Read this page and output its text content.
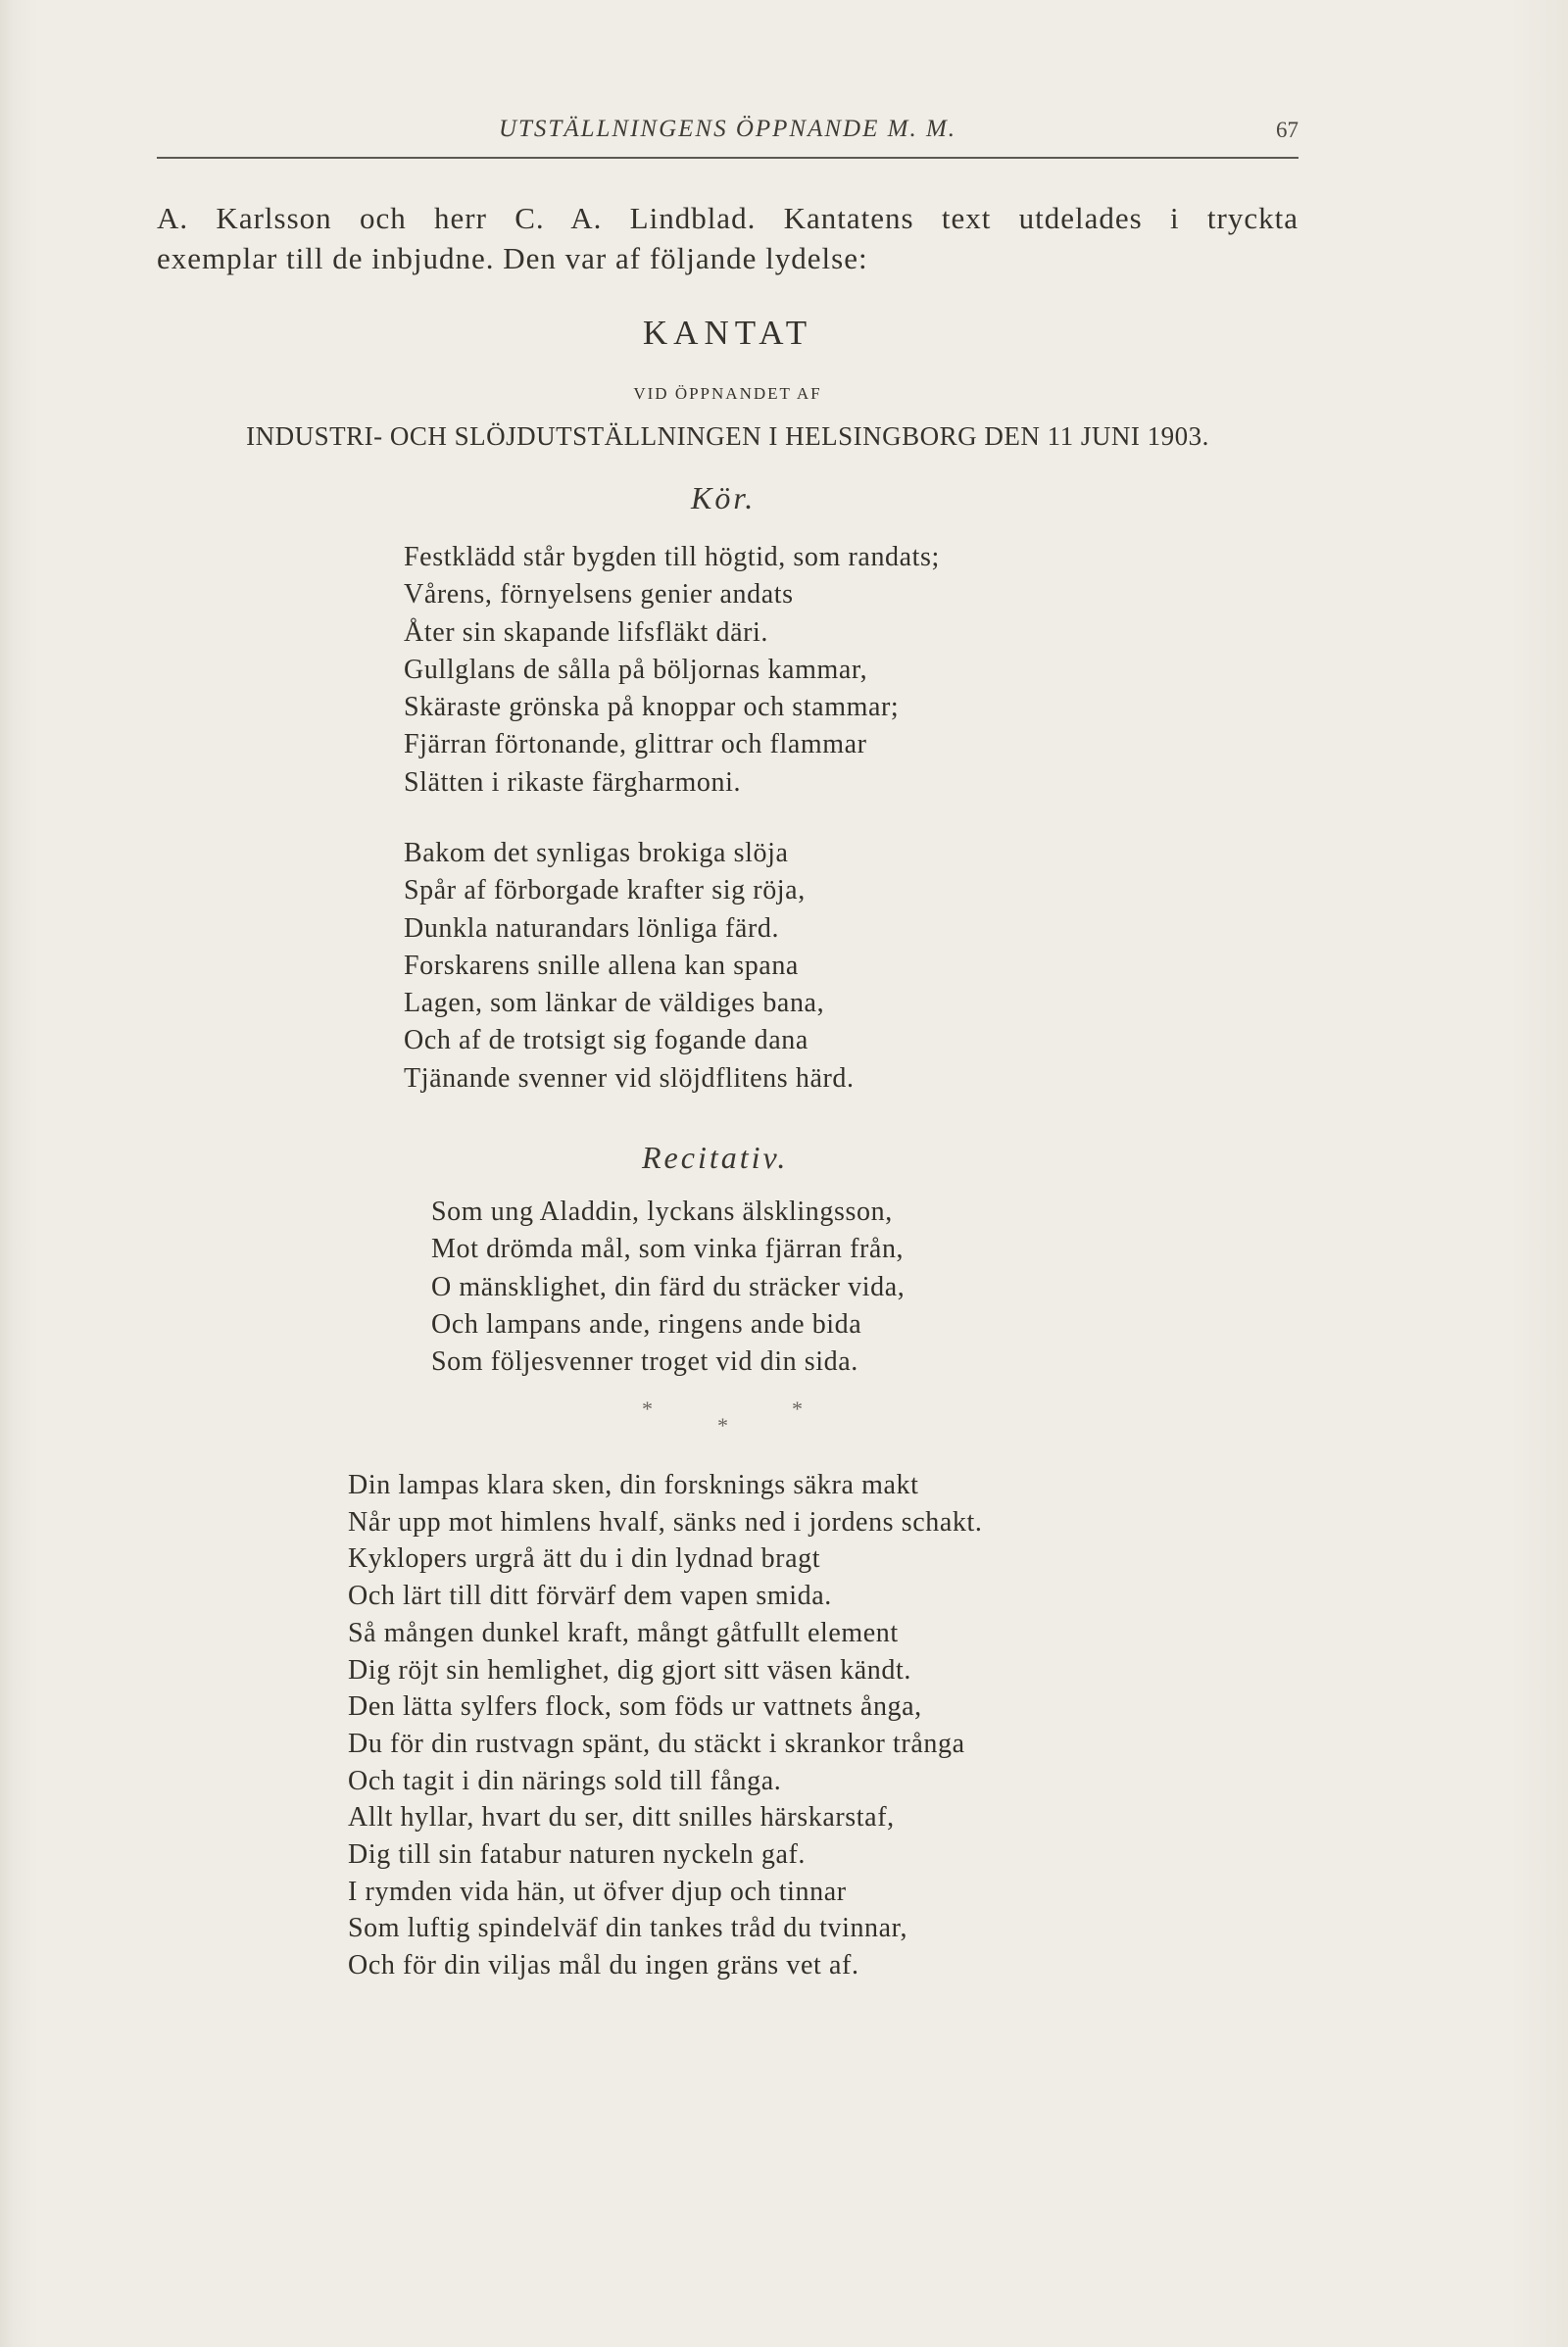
UTSTÄLLNINGENS ÖPPNANDE M. M.	67
A. Karlsson och herr C. A. Lindblad. Kantatens text utdelades i tryckta
exemplar till de inbjudne. Den var af följande lydelse:
KANTAT
VID ÖPPNANDET AF
INDUSTRI- OCH SLÖJDUTSTÄLLNINGEN I HELSINGBORG DEN 11 JUNI 1903.
Kör.
Festklädd står bygden till högtid, som randats;
Vårens, förnyelsens genier andats
Åter sin skapande lifsfläkt däri.
Gullglans de sålla på böljornas kammar,
Skäraste grönska på knoppar och stammar;
Fjärran förtonande, glittrar och flammar
Slätten i rikaste färgharmoni.
Bakom det synligas brokiga slöja
Spår af förborgade krafter sig röja,
Dunkla naturandars lönliga färd.
Forskarens snille allena kan spana
Lagen, som länkar de väldiges bana,
Och af de trotsigt sig fogande dana
Tjänande svenner vid slöjdflitens härd.
Recitativ.
Som ung Aladdin, lyckans älsklingsson,
Mot drömda mål, som vinka fjärran från,
O mänsklighet, din färd du sträcker vida,
Och lampans ande, ringens ande bida
Som följesvenner troget vid din sida.
*	*
*
Din lampas klara sken, din forsknings säkra makt
Når upp mot himlens hvalf, sänks ned i jordens schakt.
Kyklopers urgrå ätt du i din lydnad bragt
Och lärt till ditt förvärf dem vapen smida.
Så mången dunkel kraft, mångt gåtfullt element
Dig röjt sin hemlighet, dig gjort sitt väsen kändt.
Den lätta sylfers flock, som föds ur vattnets ånga,
Du för din rustvagn spänt, du stäckt i skrankor trånga
Och tagit i din närings sold till fånga.
Allt hyllar, hvart du ser, ditt snilles härskarstaf,
Dig till sin fatabur naturen nyckeln gaf.
I rymden vida hän, ut öfver djup och tinnar
Som luftig spindelväf din tankes tråd du tvinnar,
Och för din viljas mål du ingen gräns vet af.
